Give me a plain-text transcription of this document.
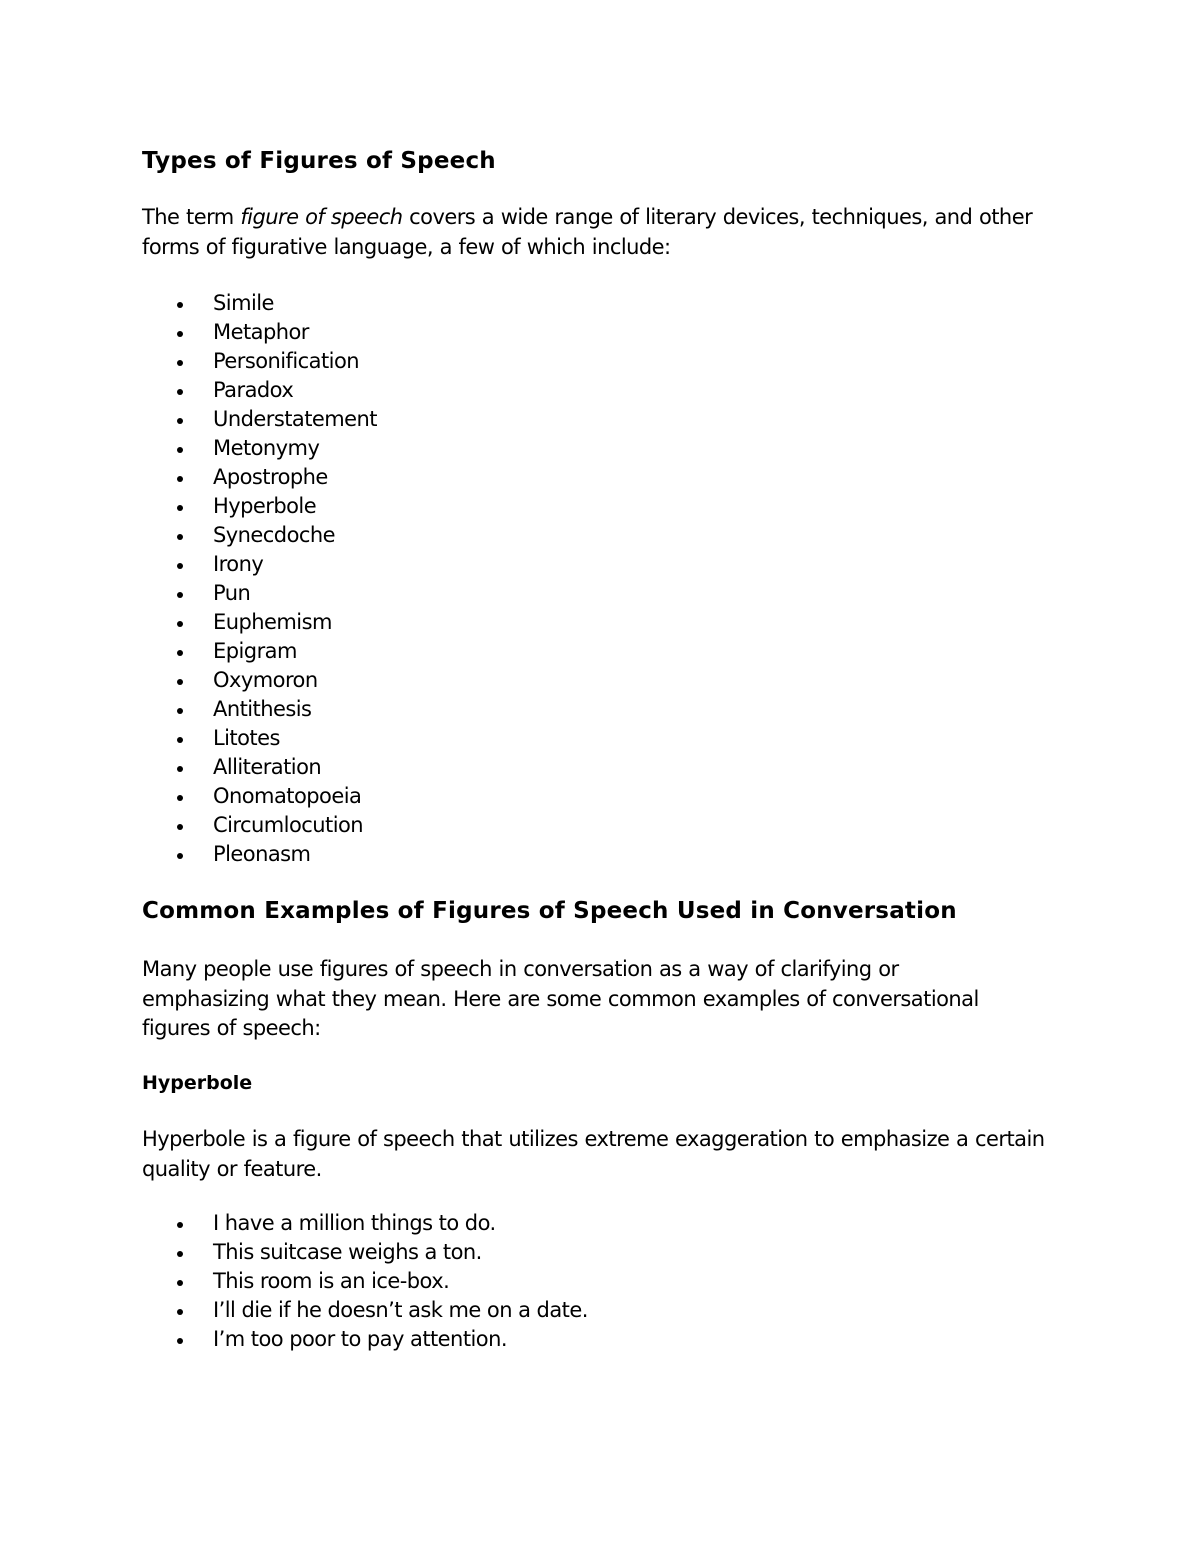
Types of Figures of Speech

The term figure of speech covers a wide range of literary devices, techniques, and other forms of figurative language, a few of which include:

Simile
Metaphor
Personification
Paradox
Understatement
Metonymy
Apostrophe
Hyperbole
Synecdoche
Irony
Pun
Euphemism
Epigram
Oxymoron
Antithesis
Litotes
Alliteration
Onomatopoeia
Circumlocution
Pleonasm
Common Examples of Figures of Speech Used in Conversation

Many people use figures of speech in conversation as a way of clarifying or emphasizing what they mean. Here are some common examples of conversational figures of speech:

Hyperbole

Hyperbole is a figure of speech that utilizes extreme exaggeration to emphasize a certain quality or feature.

I have a million things to do.
This suitcase weighs a ton.
This room is an ice-box.
I’ll die if he doesn’t ask me on a date.
I’m too poor to pay attention.
